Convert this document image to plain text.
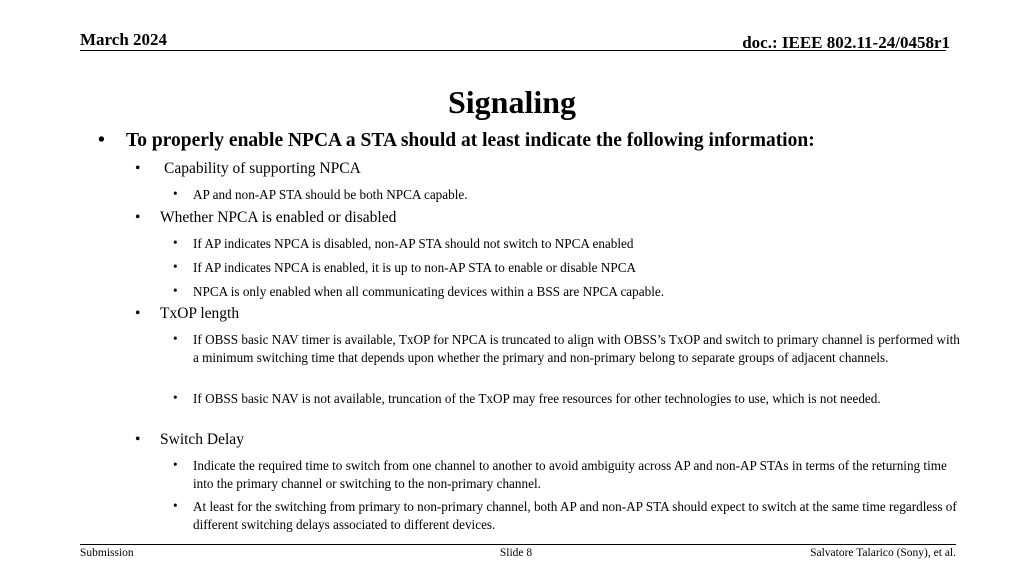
March 2024	doc.: IEEE 802.11-24/0458r1
Signaling
• To properly enable NPCA a STA should at least indicate the following information:
• Capability of supporting NPCA
• AP and non-AP STA should be both NPCA capable.
• Whether NPCA is enabled or disabled
• If AP indicates NPCA is disabled, non-AP STA should not switch to NPCA enabled
• If AP indicates NPCA is enabled, it is up to non-AP STA to enable or disable NPCA
• NPCA is only enabled when all communicating devices within a BSS are NPCA capable.
• TxOP length
• If OBSS basic NAV timer is available, TxOP for NPCA is truncated to align with OBSS’s TxOP and switch to primary channel is performed with a minimum switching time that depends upon whether the primary and non-primary belong to separate groups of adjacent channels.
• If OBSS basic NAV is not available, truncation of the TxOP may free resources for other technologies to use, which is not needed.
• Switch Delay
• Indicate the required time to switch from one channel to another to avoid ambiguity across AP and non-AP STAs in terms of the returning time into the primary channel or switching to the non-primary channel.
• At least for the switching from primary to non-primary channel, both AP and non-AP STA should expect to switch at the same time regardless of different switching delays associated to different devices.
Submission	Slide 8	Salvatore Talarico (Sony), et al.
